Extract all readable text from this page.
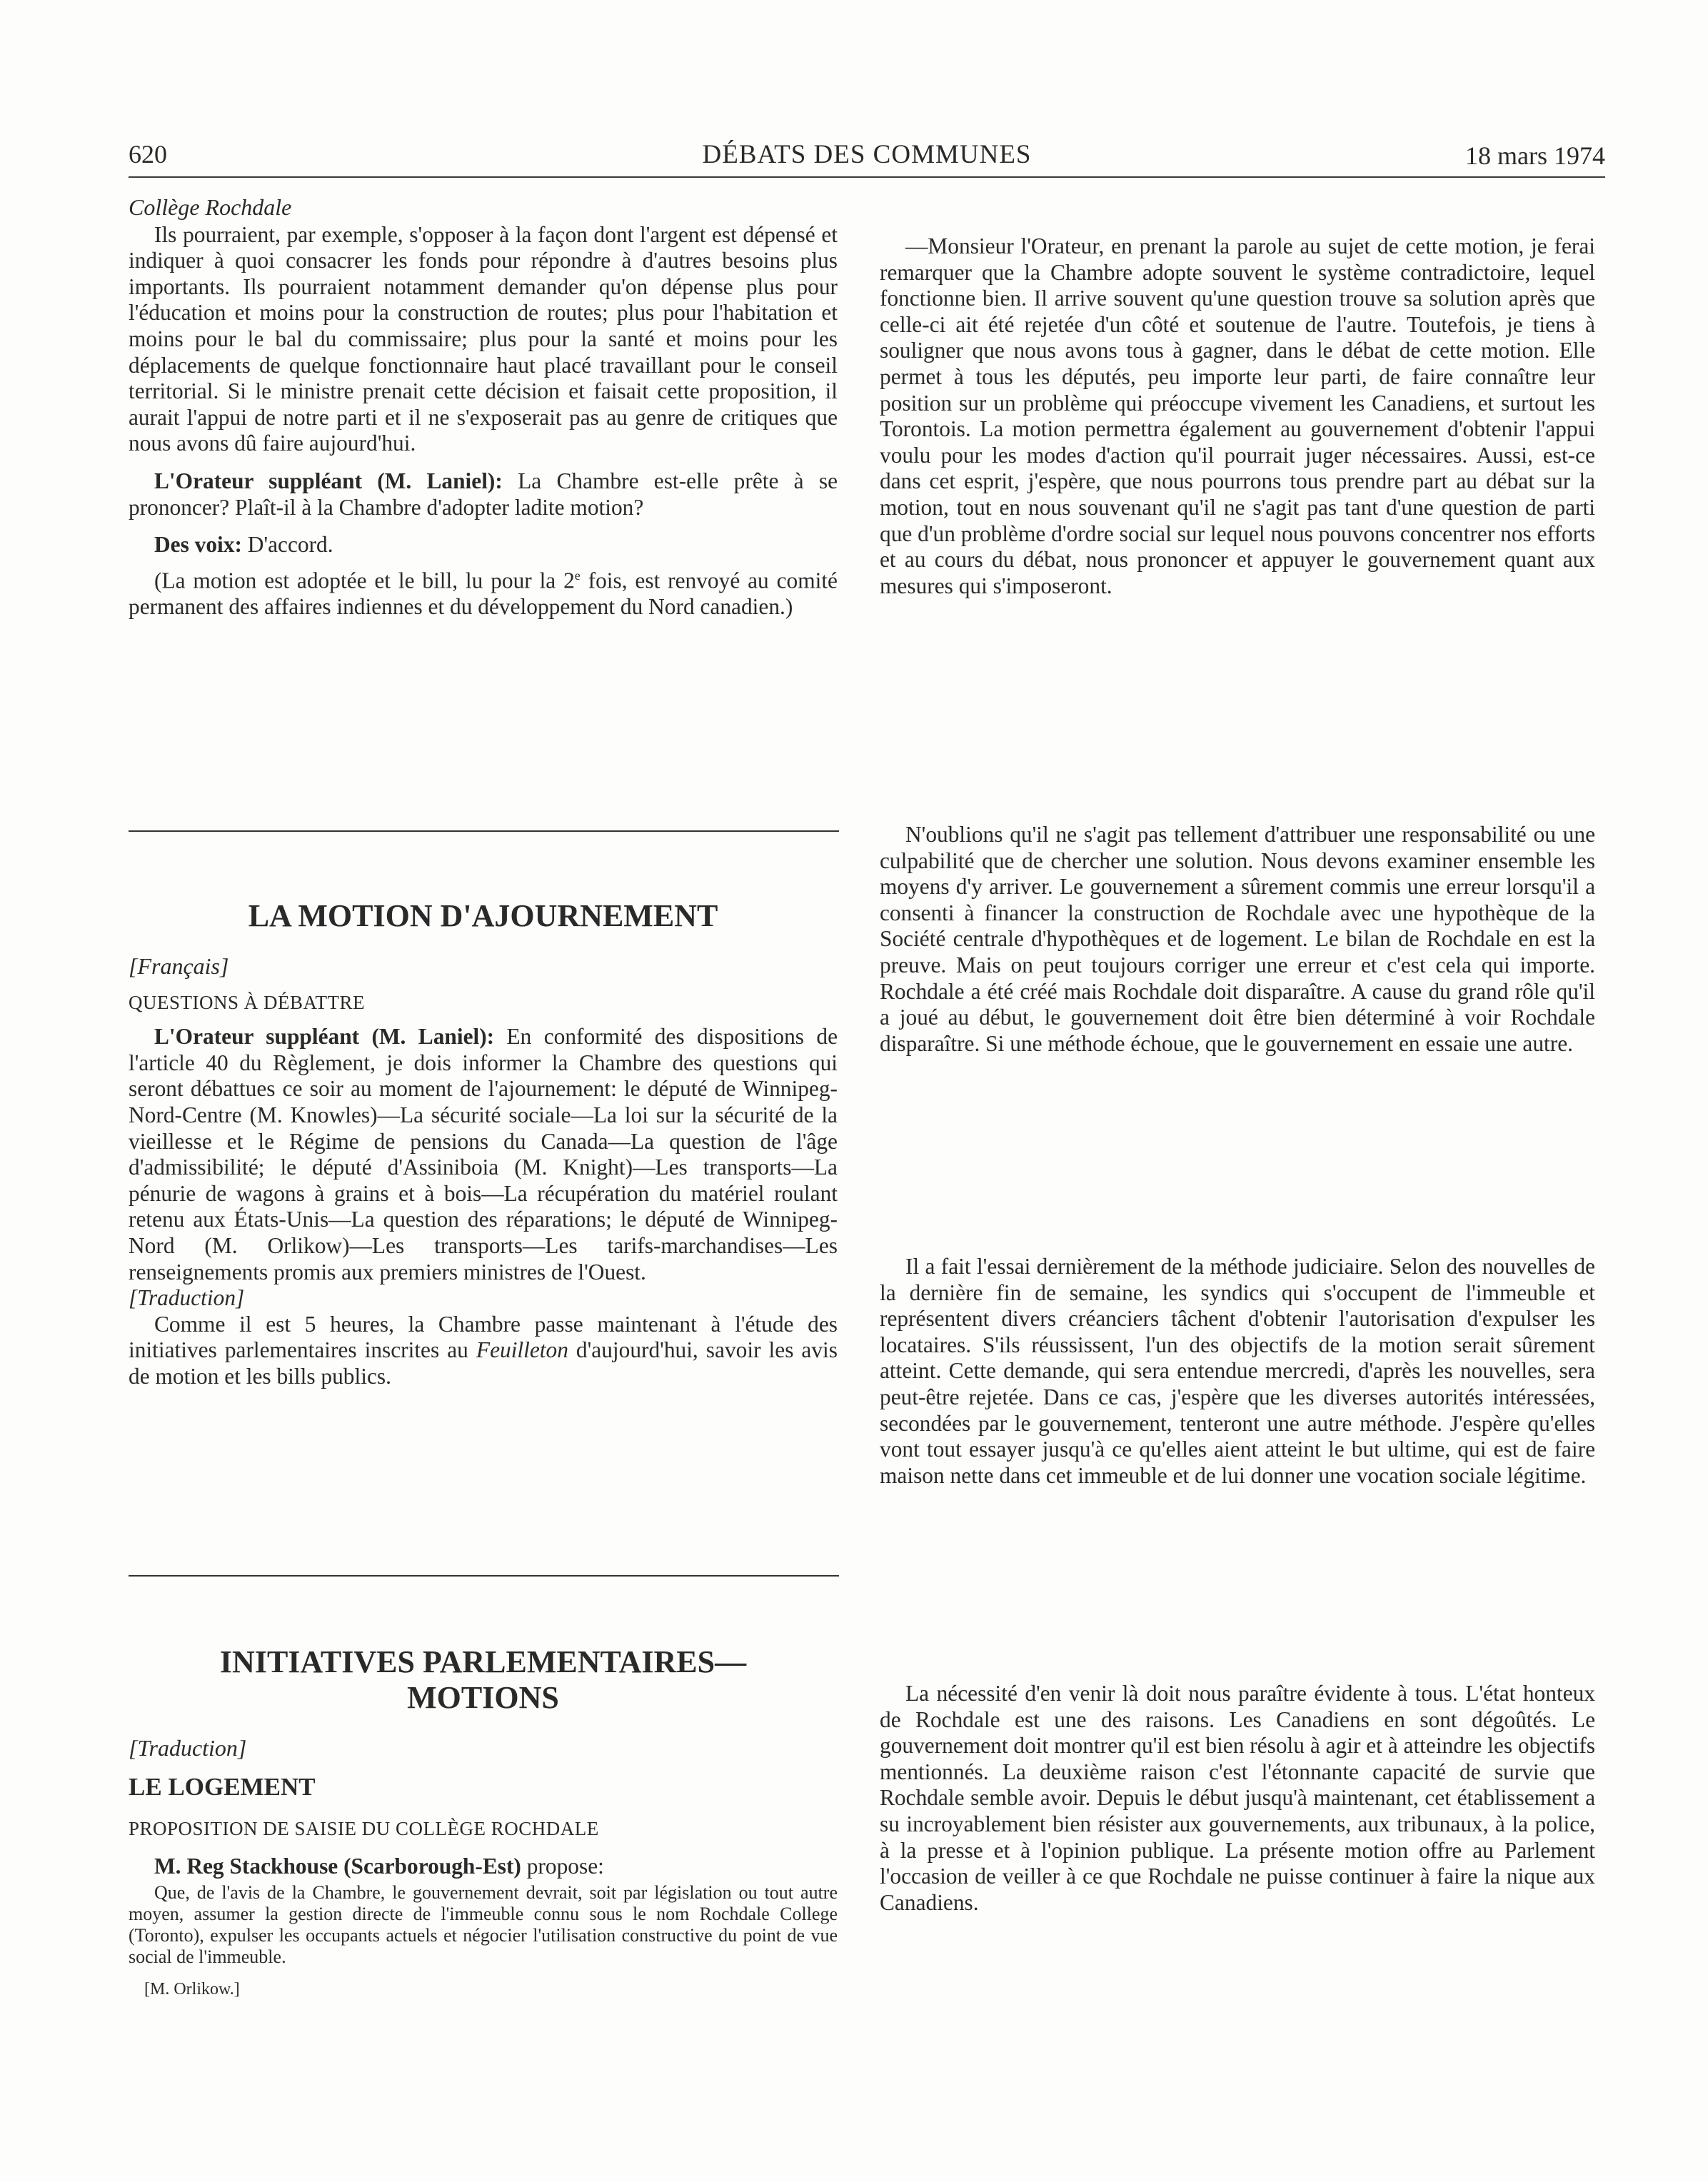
620	DÉBATS DES COMMUNES	18 mars 1974

Collège Rochdale

Ils pourraient, par exemple, s'opposer à la façon dont l'argent est dépensé et indiquer à quoi consacrer les fonds pour répondre à d'autres besoins plus importants. Ils pourraient notamment demander qu'on dépense plus pour l'éducation et moins pour la construction de routes; plus pour l'habitation et moins pour le bal du commissaire; plus pour la santé et moins pour les déplacements de quelque fonctionnaire haut placé travaillant pour le conseil territorial. Si le ministre prenait cette décision et faisait cette proposition, il aurait l'appui de notre parti et il ne s'exposerait pas au genre de critiques que nous avons dû faire aujourd'hui.

L'Orateur suppléant (M. Laniel): La Chambre est-elle prête à se prononcer? Plaît-il à la Chambre d'adopter ladite motion?

Des voix: D'accord.

(La motion est adoptée et le bill, lu pour la 2e fois, est renvoyé au comité permanent des affaires indiennes et du développement du Nord canadien.)

LA MOTION D'AJOURNEMENT

[Français]

QUESTIONS À DÉBATTRE

L'Orateur suppléant (M. Laniel): En conformité des dispositions de l'article 40 du Règlement, je dois informer la Chambre des questions qui seront débattues ce soir au moment de l'ajournement: le député de Winnipeg-Nord-Centre (M. Knowles)—La sécurité sociale—La loi sur la sécurité de la vieillesse et le Régime de pensions du Canada—La question de l'âge d'admissibilité; le député d'Assiniboia (M. Knight)—Les transports—La pénurie de wagons à grains et à bois—La récupération du matériel roulant retenu aux États-Unis—La question des réparations; le député de Winnipeg-Nord (M. Orlikow)—Les transports—Les tarifs-marchandises—Les renseignements promis aux premiers ministres de l'Ouest.

[Traduction]

Comme il est 5 heures, la Chambre passe maintenant à l'étude des initiatives parlementaires inscrites au Feuilleton d'aujourd'hui, savoir les avis de motion et les bills publics.

INITIATIVES PARLEMENTAIRES—
MOTIONS

[Traduction]

LE LOGEMENT

PROPOSITION DE SAISIE DU COLLÈGE ROCHDALE

M. Reg Stackhouse (Scarborough-Est) propose:

Que, de l'avis de la Chambre, le gouvernement devrait, soit par législation ou tout autre moyen, assumer la gestion directe de l'immeuble connu sous le nom Rochdale College (Toronto), expulser les occupants actuels et négocier l'utilisation constructive du point de vue social de l'immeuble.

[M. Orlikow.]

—Monsieur l'Orateur, en prenant la parole au sujet de cette motion, je ferai remarquer que la Chambre adopte souvent le système contradictoire, lequel fonctionne bien. Il arrive souvent qu'une question trouve sa solution après que celle-ci ait été rejetée d'un côté et soutenue de l'autre. Toutefois, je tiens à souligner que nous avons tous à gagner, dans le débat de cette motion. Elle permet à tous les députés, peu importe leur parti, de faire connaître leur position sur un problème qui préoccupe vivement les Canadiens, et surtout les Torontois. La motion permettra également au gouvernement d'obtenir l'appui voulu pour les modes d'action qu'il pourrait juger nécessaires. Aussi, est-ce dans cet esprit, j'espère, que nous pourrons tous prendre part au débat sur la motion, tout en nous souvenant qu'il ne s'agit pas tant d'une question de parti que d'un problème d'ordre social sur lequel nous pouvons concentrer nos efforts et au cours du débat, nous prononcer et appuyer le gouvernement quant aux mesures qui s'imposeront.

N'oublions qu'il ne s'agit pas tellement d'attribuer une responsabilité ou une culpabilité que de chercher une solution. Nous devons examiner ensemble les moyens d'y arriver. Le gouvernement a sûrement commis une erreur lorsqu'il a consenti à financer la construction de Rochdale avec une hypothèque de la Société centrale d'hypothèques et de logement. Le bilan de Rochdale en est la preuve. Mais on peut toujours corriger une erreur et c'est cela qui importe. Rochdale a été créé mais Rochdale doit disparaître. A cause du grand rôle qu'il a joué au début, le gouvernement doit être bien déterminé à voir Rochdale disparaître. Si une méthode échoue, que le gouvernement en essaie une autre.

Il a fait l'essai dernièrement de la méthode judiciaire. Selon des nouvelles de la dernière fin de semaine, les syndics qui s'occupent de l'immeuble et représentent divers créanciers tâchent d'obtenir l'autorisation d'expulser les locataires. S'ils réussissent, l'un des objectifs de la motion serait sûrement atteint. Cette demande, qui sera entendue mercredi, d'après les nouvelles, sera peut-être rejetée. Dans ce cas, j'espère que les diverses autorités intéressées, secondées par le gouvernement, tenteront une autre méthode. J'espère qu'elles vont tout essayer jusqu'à ce qu'elles aient atteint le but ultime, qui est de faire maison nette dans cet immeuble et de lui donner une vocation sociale légitime.

La nécessité d'en venir là doit nous paraître évidente à tous. L'état honteux de Rochdale est une des raisons. Les Canadiens en sont dégoûtés. Le gouvernement doit montrer qu'il est bien résolu à agir et à atteindre les objectifs mentionnés. La deuxième raison c'est l'étonnante capacité de survie que Rochdale semble avoir. Depuis le début jusqu'à maintenant, cet établissement a su incroyablement bien résister aux gouvernements, aux tribunaux, à la police, à la presse et à l'opinion publique. La présente motion offre au Parlement l'occasion de veiller à ce que Rochdale ne puisse continuer à faire la nique aux Canadiens.
